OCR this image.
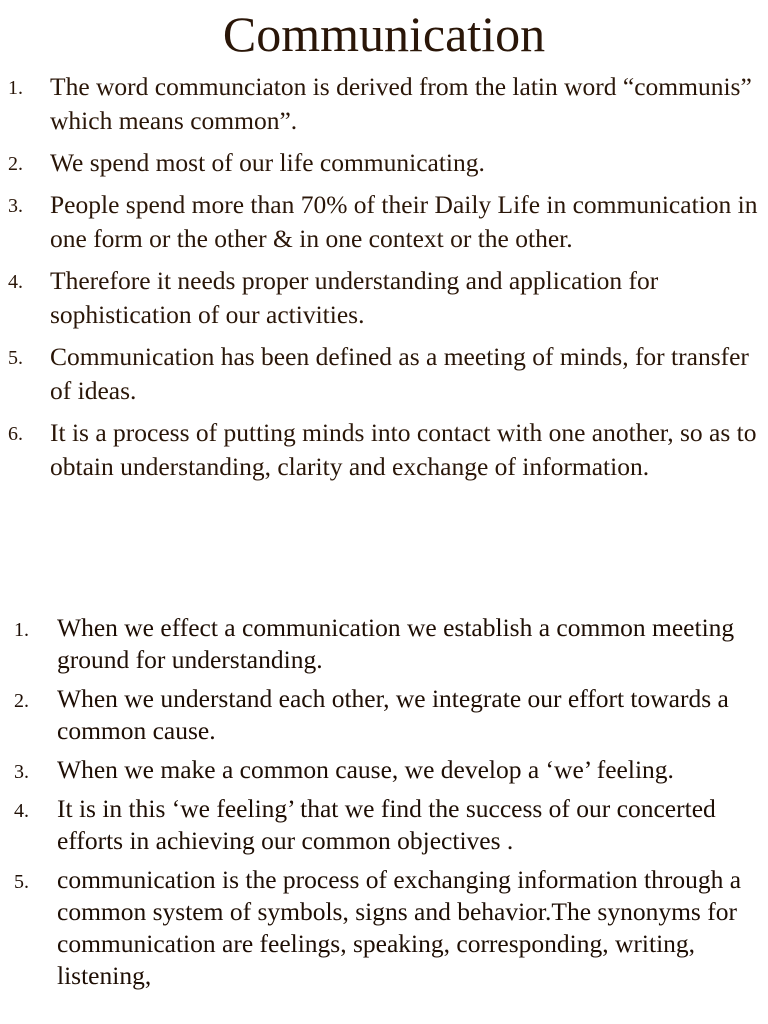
Communication
1. The word communciaton is derived from the latin word “communis” which means common”.
2. We spend most of our life communicating.
3. People spend more than 70% of their Daily Life in communication in one form or the other & in one context or the other.
4. Therefore it needs proper understanding and application for sophistication of our activities.
5. Communication has been defined as a meeting of minds, for transfer of ideas.
6. It is a process of putting minds into contact with one another, so as to obtain understanding, clarity and exchange of information.
1. When we effect a communication we establish a common meeting ground for understanding.
2. When we understand each other, we integrate our effort towards a common cause.
3. When we make a common cause, we develop a ‘we’ feeling.
4. It is in this ‘we feeling’ that we find the success of our concerted efforts in achieving our common objectives .
5. communication is the process of exchanging information through a common system of symbols, signs and behavior.The synonyms for communication are feelings, speaking, corresponding, writing, listening,
